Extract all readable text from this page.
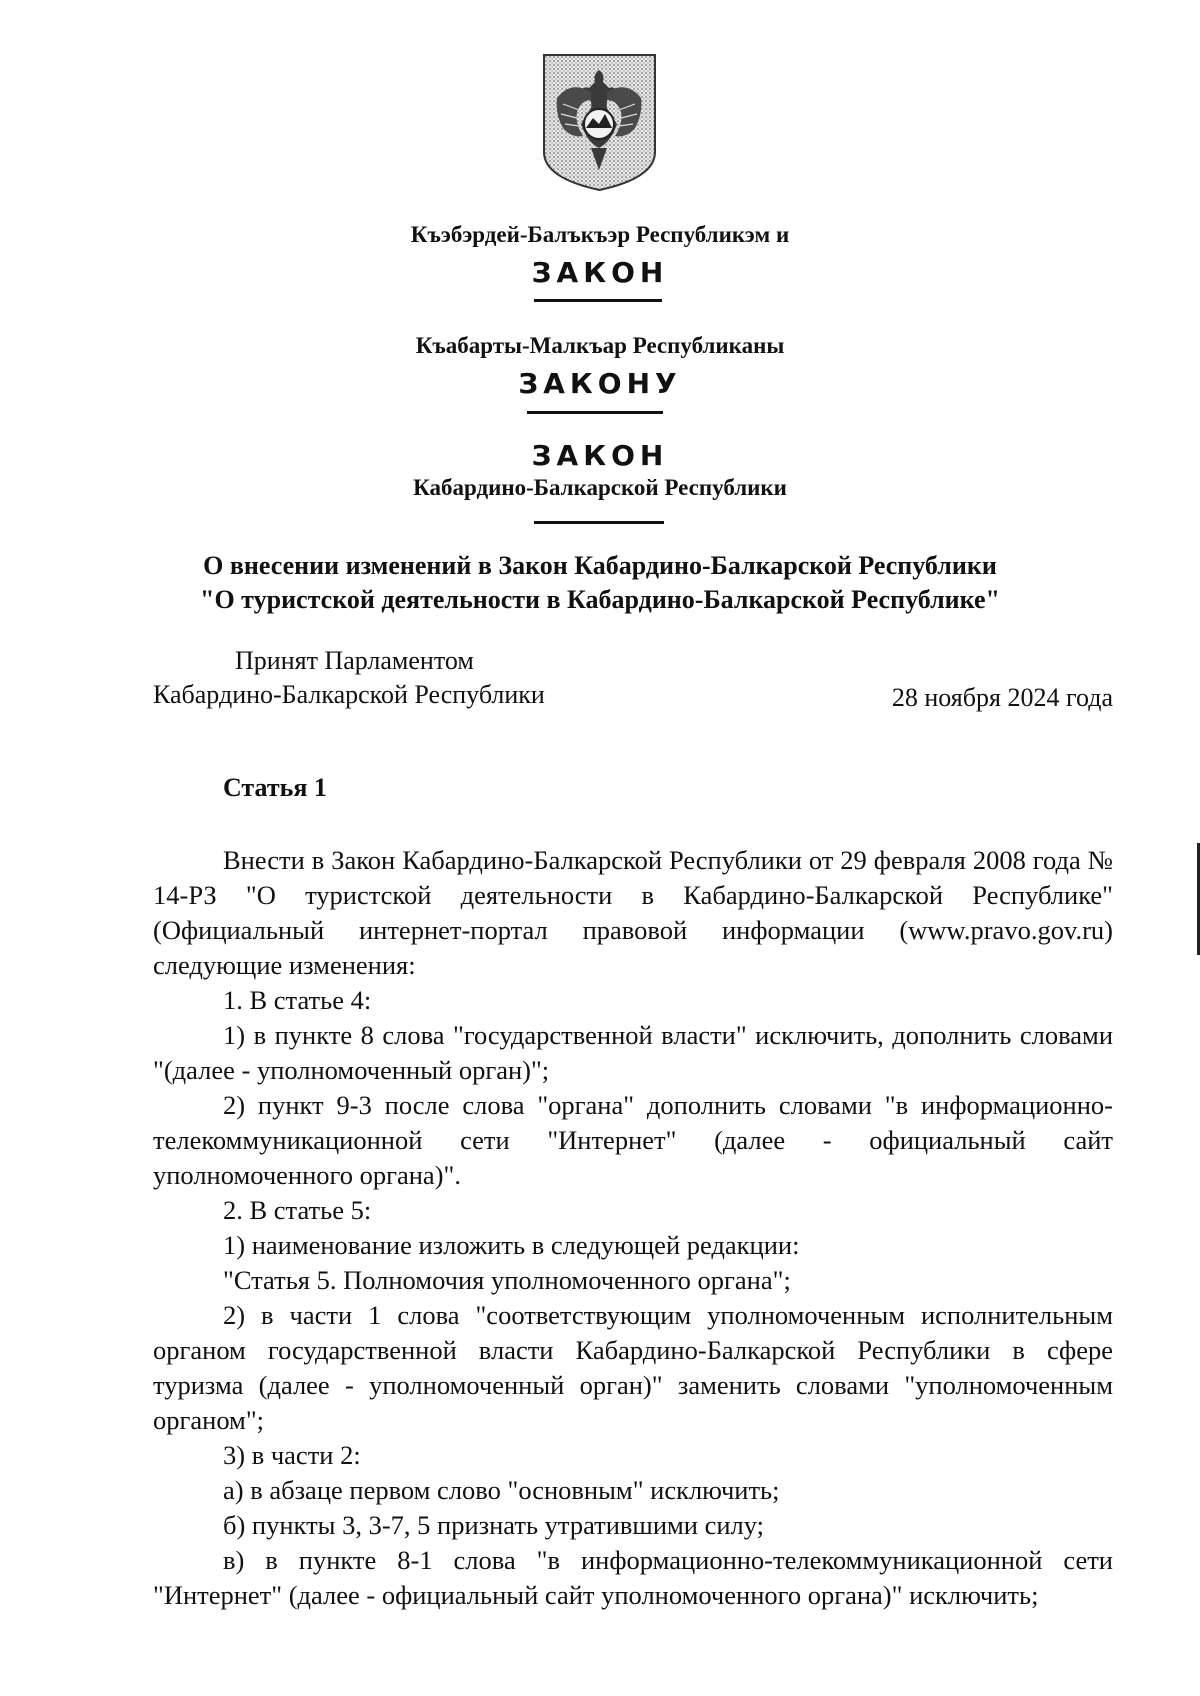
Къэбэрдей-Балъкъэр Республикэм и
ЗАКОН
Къабарты-Малкъар Республиканы
ЗАКОНУ
ЗАКОН
Кабардино-Балкарской Республики
О внесении изменений в Закон Кабардино-Балкарской Республики
"О туристской деятельности в Кабардино-Балкарской Республике"
Принят Парламентом
Кабардино-Балкарской Республики	28 ноября 2024 года
Статья 1

Внести в Закон Кабардино-Балкарской Республики от 29 февраля 2008 года № 14-РЗ "О туристской деятельности в Кабардино-Балкарской Республике" (Официальный интернет-портал правовой информации (www.pravo.gov.ru) следующие изменения:

1. В статье 4:

1) в пункте 8 слова "государственной власти" исключить, дополнить словами "(далее - уполномоченный орган)";

2) пункт 9-3 после слова "органа" дополнить словами "в информационно-телекоммуникационной сети "Интернет" (далее - официальный сайт уполномоченного органа)".

2. В статье 5:

1) наименование изложить в следующей редакции:

"Статья 5. Полномочия уполномоченного органа";

2) в части 1 слова "соответствующим уполномоченным исполнительным органом государственной власти Кабардино-Балкарской Республики в сфере туризма (далее - уполномоченный орган)" заменить словами "уполномоченным органом";

3) в части 2:

а) в абзаце первом слово "основным" исключить;

б) пункты 3, 3-7, 5 признать утратившими силу;

в) в пункте 8-1 слова "в информационно-телекоммуникационной сети "Интернет" (далее - официальный сайт уполномоченного органа)" исключить;
